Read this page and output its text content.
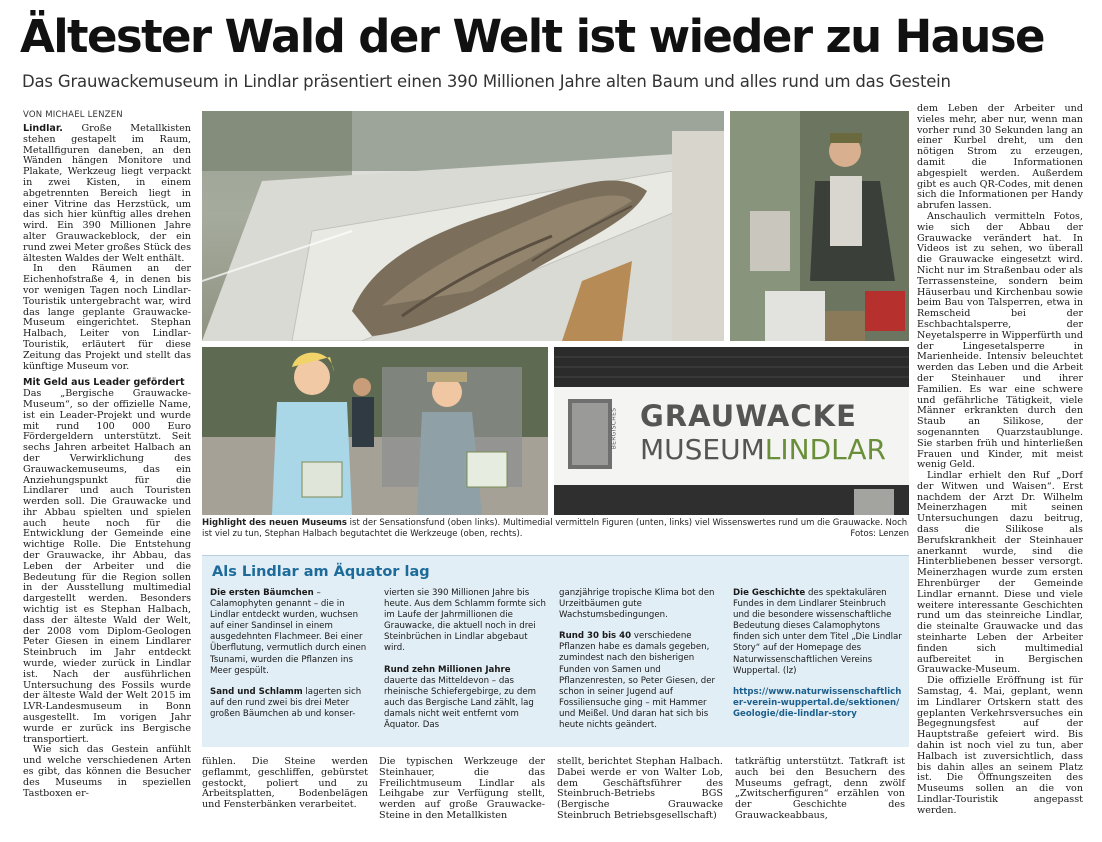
Ältester Wald der Welt ist wieder zu Hause
Das Grauwackemuseum in Lindlar präsentiert einen 390 Millionen Jahre alten Baum und alles rund um das Gestein
VON MICHAEL LENZEN

Lindlar. Große Metallkisten stehen gestapelt im Raum, Metallfiguren daneben, an den Wänden hängen Monitore und Plakate, Werkzeug liegt verpackt in zwei Kisten, in einem abgetrennten Bereich liegt in einer Vitrine das Herzstück, um das sich hier künftig alles drehen wird. Ein 390 Millionen Jahre alter Grauwackeblock, der ein rund zwei Meter großes Stück des ältesten Waldes der Welt enthält.

In den Räumen an der Eichenhofstraße 4, in denen bis vor wenigen Tagen noch Lindlar-Touristik untergebracht war, wird das lange geplante Grauwacke-Museum eingerichtet. Stephan Halbach, Leiter von Lindlar-Touristik, erläutert für diese Zeitung das Projekt und stellt das künftige Museum vor.

Mit Geld aus Leader gefördert

Das „Bergische Grauwacke-Museum“, so der offizielle Name, ist ein Leader-Projekt und wurde mit rund 100 000 Euro Fördergeldern unterstützt. Seit sechs Jahren arbeitet Halbach an der Verwirklichung des Grauwackemuseums, das ein Anziehungspunkt für die Lindlarer und auch Touristen werden soll. Die Grauwacke und ihr Abbau spielten und spielen auch heute noch für die Entwicklung der Gemeinde eine wichtige Rolle. Die Entstehung der Grauwacke, ihr Abbau, das Leben der Arbeiter und die Bedeutung für die Region sollen in der Ausstellung multimedial dargestellt werden. Besonders wichtig ist es Stephan Halbach, dass der älteste Wald der Welt, der 2008 vom Diplom-Geologen Peter Giesen in einem Lindlarer Steinbruch im Jahr entdeckt wurde, wieder zurück in Lindlar ist. Nach der ausführlichen Untersuchung des Fossils wurde der älteste Wald der Welt 2015 im LVR-Landesmuseum in Bonn ausgestellt. Im vorigen Jahr wurde er zurück ins Bergische transportiert.

Wie sich das Gestein anfühlt und welche verschiedenen Arten es gibt, das können die Besucher des Museums in speziellen Tastboxen er-

BERGISCHES GRAUWACKE
MUSEUMLINDLAR
Highlight des neuen Museums ist der Sensationsfund (oben links). Multimedial vermitteln Figuren (unten, links) viel Wissenswertes rund um die Grauwacke. Noch ist viel zu tun, Stephan Halbach begutachtet die Werkzeuge (oben, rechts).	Fotos: Lenzen
Als Lindlar am Äquator lag

Die ersten Bäumchen – Calamophyten genannt – die in Lindlar entdeckt wurden, wuchsen auf einer Sandinsel in einem ausgedehnten Flachmeer. Bei einer Überflutung, vermutlich durch einen Tsunami, wurden die Pflanzen ins Meer gespült.

Sand und Schlamm lagerten sich auf den rund zwei bis drei Meter großen Bäumchen ab und konser-

vierten sie 390 Millionen Jahre bis heute. Aus dem Schlamm formte sich im Laufe der Jahrmillionen die Grauwacke, die aktuell noch in drei Steinbrüchen in Lindlar abgebaut wird.

Rund zehn Millionen Jahre dauerte das Mitteldevon – das rheinische Schiefergebirge, zu dem auch das Bergische Land zählt, lag damals nicht weit entfernt vom Äquator. Das

ganzjährige tropische Klima bot den Urzeitbäumen gute Wachstumsbedingungen.

Rund 30 bis 40 verschiedene Pflanzen habe es damals gegeben, zumindest nach den bisherigen Funden von Samen und Pflanzenresten, so Peter Giesen, der schon in seiner Jugend auf Fossiliensuche ging – mit Hammer und Meißel. Und daran hat sich bis heute nichts geändert.

Die Geschichte des spektakulären Fundes in dem Lindlarer Steinbruch und die besondere wissenschaftliche Bedeutung dieses Calamophytons finden sich unter dem Titel „Die Lindlar Story“ auf der Homepage des Naturwissenschaftlichen Vereins Wuppertal. (lz)

https://www.naturwissenschaftlicher-verein-wuppertal.de/sektionen/Geologie/die-lindlar-story

fühlen. Die Steine werden geflammt, geschliffen, gebürstet gestockt, poliert und zu Arbeitsplatten, Bodenbelägen und Fensterbänken verarbeitet.
Die typischen Werkzeuge der Steinhauer, die das Freilichtmuseum Lindlar als Leihgabe zur Verfügung stellt, werden auf große Grauwacke-Steine in den Metallkisten
stellt, berichtet Stephan Halbach. Dabei werde er von Walter Lob, dem Geschäftsführer des Steinbruch-Betriebs BGS (Bergische Grauwacke Steinbruch Betriebsgesellschaft)
tatkräftig unterstützt. Tatkraft ist auch bei den Besuchern des Museums gefragt, denn zwölf „Zwitscherfiguren“ erzählen von der Geschichte des Grauwackeabbaus,

dem Leben der Arbeiter und vieles mehr, aber nur, wenn man vorher rund 30 Sekunden lang an einer Kurbel dreht, um den nötigen Strom zu erzeugen, damit die Informationen abgespielt werden. Außerdem gibt es auch QR-Codes, mit denen sich die Informationen per Handy abrufen lassen.

Anschaulich vermitteln Fotos, wie sich der Abbau der Grauwacke verändert hat. In Videos ist zu sehen, wo überall die Grauwacke eingesetzt wird. Nicht nur im Straßenbau oder als Terrassensteine, sondern beim Häuserbau und Kirchenbau sowie beim Bau von Talsperren, etwa in Remscheid bei der Eschbachtalsperre, der Neyetalsperre in Wipperfürth und der Lingesetalsperre in Marienheide. Intensiv beleuchtet werden das Leben und die Arbeit der Steinhauer und ihrer Familien. Es war eine schwere und gefährliche Tätigkeit, viele Männer erkrankten durch den Staub an Silikose, der sogenannten Quarzstaublunge. Sie starben früh und hinterließen Frauen und Kinder, mit meist wenig Geld.

Lindlar erhielt den Ruf „Dorf der Witwen und Waisen“. Erst nachdem der Arzt Dr. Wilhelm Meinerzhagen mit seinen Untersuchungen dazu beitrug, dass die Silikose als Berufskrankheit der Steinhauer anerkannt wurde, sind die Hinterbliebenen besser versorgt. Meinerzhagen wurde zum ersten Ehrenbürger der Gemeinde Lindlar ernannt. Diese und viele weitere interessante Geschichten rund um das steinreiche Lindlar, die steinalte Grauwacke und das steinharte Leben der Arbeiter finden sich multimedial aufbereitet in Bergischen Grauwacke-Museum.

Die offizielle Eröffnung ist für Samstag, 4. Mai, geplant, wenn im Lindlarer Ortskern statt des geplanten Verkehrsversuches ein Begegnungsfest auf der Hauptstraße gefeiert wird. Bis dahin ist noch viel zu tun, aber Halbach ist zuversichtlich, dass bis dahin alles an seinem Platz ist. Die Öffnungszeiten des Museums sollen an die von Lindlar-Touristik angepasst werden.
